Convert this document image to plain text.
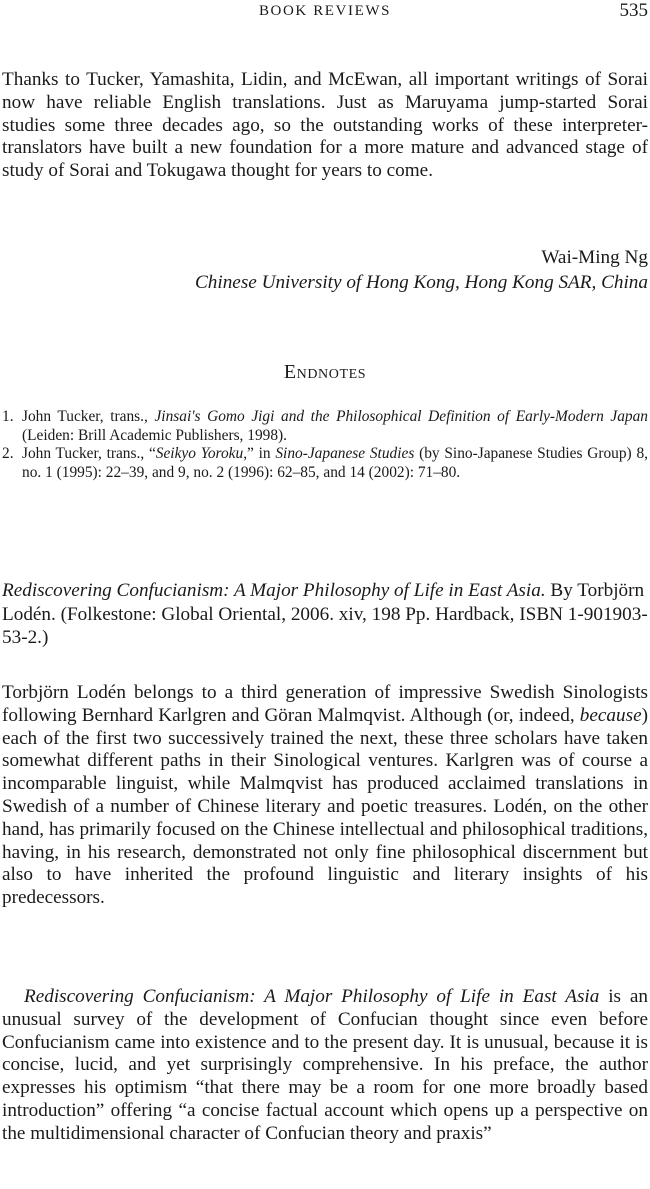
BOOK REVIEWS	535

Thanks to Tucker, Yamashita, Lidin, and McEwan, all important writings of Sorai now have reliable English translations. Just as Maruyama jump-started Sorai studies some three decades ago, so the outstanding works of these interpreter-translators have built a new foundation for a more mature and advanced stage of study of Sorai and Tokugawa thought for years to come.

Wai-Ming Ng
Chinese University of Hong Kong, Hong Kong SAR, China
Endnotes
1. John Tucker, trans., Jinsai's Gomo Jigi and the Philosophical Definition of Early-Modern Japan (Leiden: Brill Academic Publishers, 1998).
2. John Tucker, trans., “Seikyo Yoroku,” in Sino-Japanese Studies (by Sino-Japanese Studies Group) 8, no. 1 (1995): 22–39, and 9, no. 2 (1996): 62–85, and 14 (2002): 71–80.

Rediscovering Confucianism: A Major Philosophy of Life in East Asia. By Torbjörn Lodén. (Folkestone: Global Oriental, 2006. xiv, 198 Pp. Hardback, ISBN 1-901903-53-2.)

Torbjörn Lodén belongs to a third generation of impressive Swedish Sinologists following Bernhard Karlgren and Göran Malmqvist. Although (or, indeed, because) each of the first two successively trained the next, these three scholars have taken somewhat different paths in their Sinological ventures. Karlgren was of course a incomparable linguist, while Malmqvist has produced acclaimed translations in Swedish of a number of Chinese literary and poetic treasures. Lodén, on the other hand, has primarily focused on the Chinese intellectual and philosophical traditions, having, in his research, demonstrated not only fine philosophical discernment but also to have inherited the profound linguistic and literary insights of his predecessors.

Rediscovering Confucianism: A Major Philosophy of Life in East Asia is an unusual survey of the development of Confucian thought since even before Confucianism came into existence and to the present day. It is unusual, because it is concise, lucid, and yet surprisingly comprehensive. In his preface, the author expresses his optimism “that there may be a room for one more broadly based introduction” offering “a concise factual account which opens up a perspective on the multidimensional character of Confucian theory and praxis”
